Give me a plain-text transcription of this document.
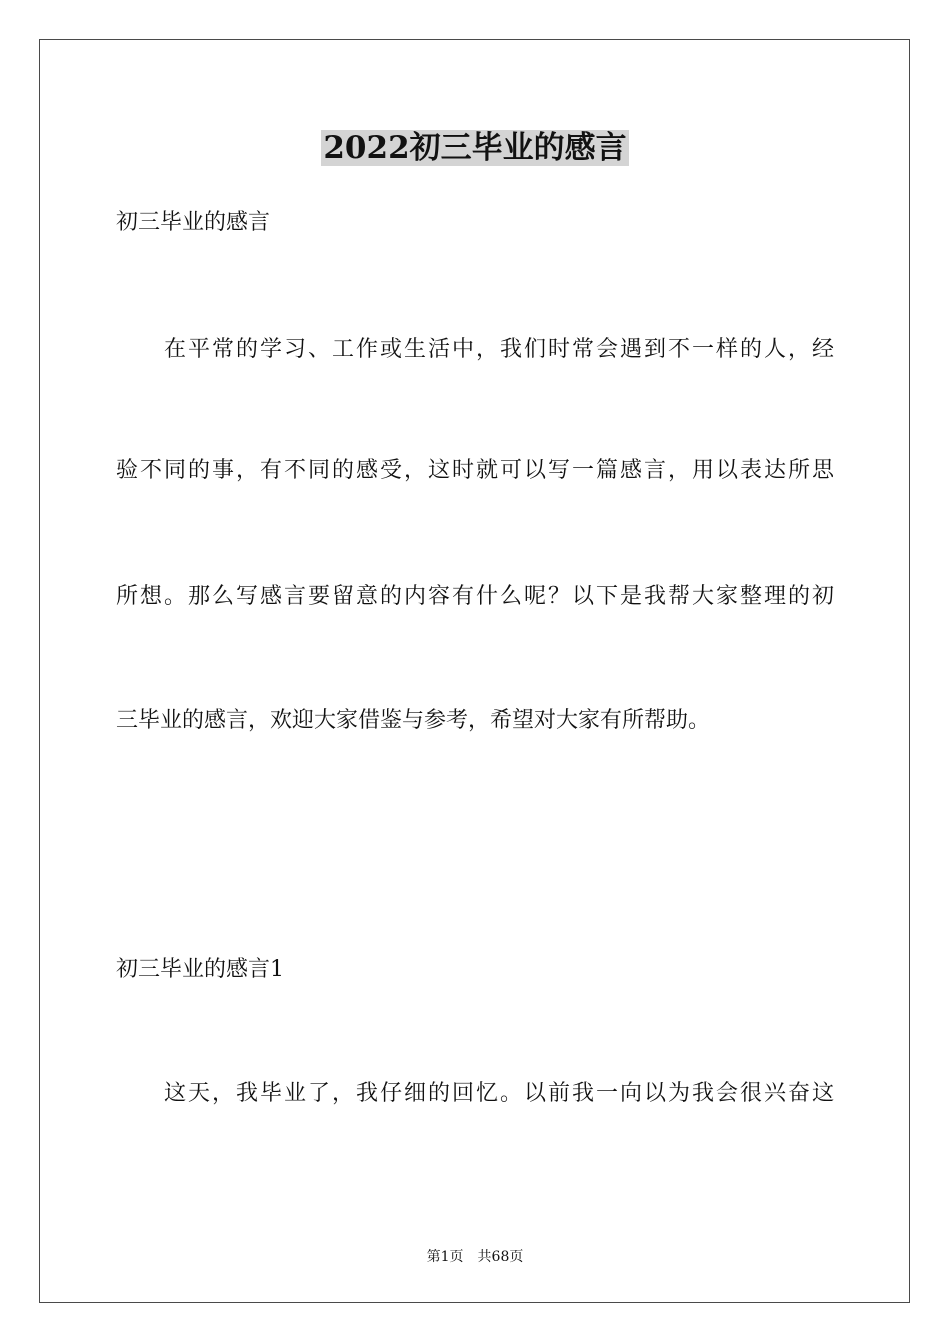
2022初三毕业的感言

初三毕业的感言

在平常的学习、工作或生活中，我们时常会遇到不一样的人，经

验不同的事，有不同的感受，这时就可以写一篇感言，用以表达所思

所想。那么写感言要留意的内容有什么呢？以下是我帮大家整理的初

三毕业的感言，欢迎大家借鉴与参考，希望对大家有所帮助。

初三毕业的感言1

这天，我毕业了，我仔细的回忆。以前我一向以为我会很兴奋这

第1页　共68页
